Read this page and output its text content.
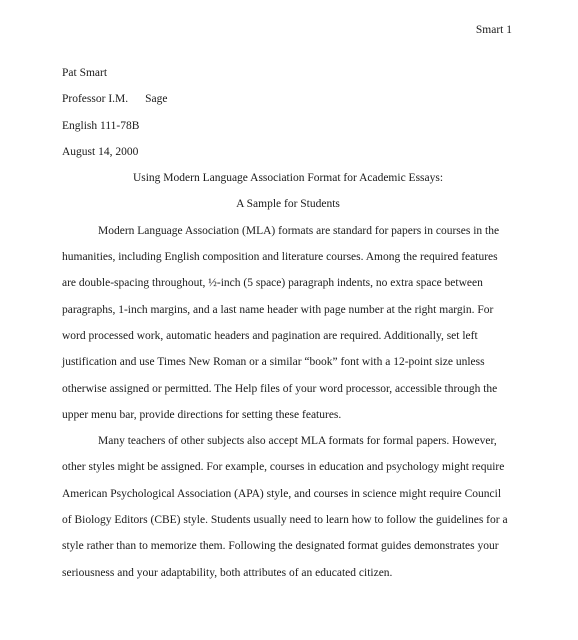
Smart 1
Pat Smart
Professor I.M. Sage
English 111-78B
August 14, 2000
Using Modern Language Association Format for Academic Essays:
A Sample for Students
Modern Language Association (MLA) formats are standard for papers in courses in the
humanities, including English composition and literature courses. Among the required features
are double-spacing throughout, ½-inch (5 space) paragraph indents, no extra space between
paragraphs, 1-inch margins, and a last name header with page number at the right margin. For
word processed work, automatic headers and pagination are required. Additionally, set left
justification and use Times New Roman or a similar “book” font with a 12-point size unless
otherwise assigned or permitted. The Help files of your word processor, accessible through the
upper menu bar, provide directions for setting these features.
Many teachers of other subjects also accept MLA formats for formal papers. However,
other styles might be assigned. For example, courses in education and psychology might require
American Psychological Association (APA) style, and courses in science might require Council
of Biology Editors (CBE) style. Students usually need to learn how to follow the guidelines for a
style rather than to memorize them. Following the designated format guides demonstrates your
seriousness and your adaptability, both attributes of an educated citizen.
